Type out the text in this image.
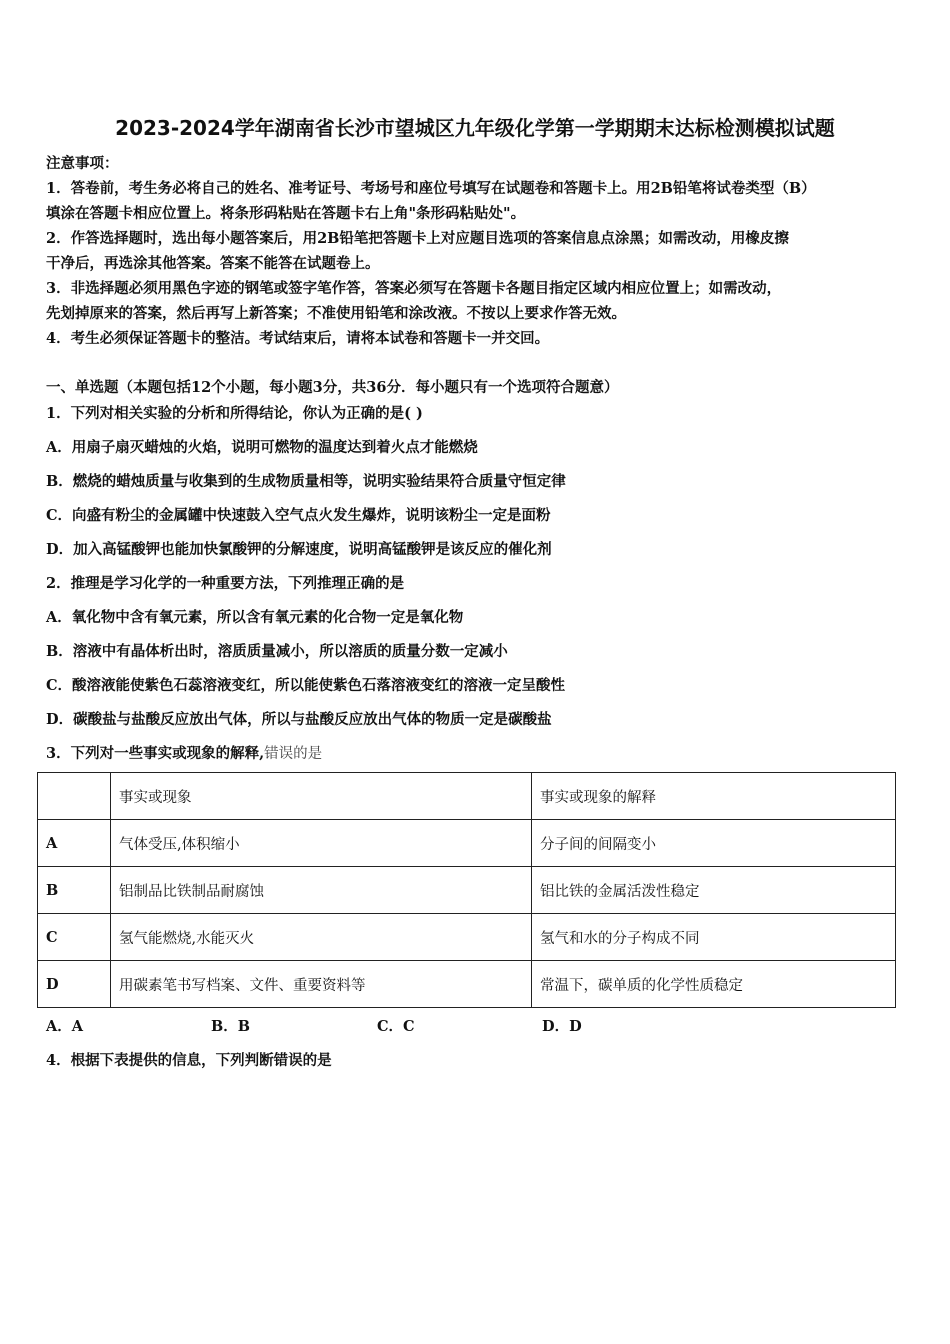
2023-2024学年湖南省长沙市望城区九年级化学第一学期期末达标检测模拟试题
注意事项：
1．答卷前，考生务必将自己的姓名、准考证号、考场号和座位号填写在试题卷和答题卡上。用2B铅笔将试卷类型（B）
填涂在答题卡相应位置上。将条形码粘贴在答题卡右上角"条形码粘贴处"。
2．作答选择题时，选出每小题答案后，用2B铅笔把答题卡上对应题目选项的答案信息点涂黑；如需改动，用橡皮擦
干净后，再选涂其他答案。答案不能答在试题卷上。
3．非选择题必须用黑色字迹的钢笔或签字笔作答，答案必须写在答题卡各题目指定区域内相应位置上；如需改动，
先划掉原来的答案，然后再写上新答案；不准使用铅笔和涂改液。不按以上要求作答无效。
4．考生必须保证答题卡的整洁。考试结束后，请将本试卷和答题卡一并交回。
一、单选题（本题包括12个小题，每小题3分，共36分．每小题只有一个选项符合题意）
1．下列对相关实验的分析和所得结论，你认为正确的是( )
A．用扇子扇灭蜡烛的火焰，说明可燃物的温度达到着火点才能燃烧
B．燃烧的蜡烛质量与收集到的生成物质量相等，说明实验结果符合质量守恒定律
C．向盛有粉尘的金属罐中快速鼓入空气点火发生爆炸，说明该粉尘一定是面粉
D．加入高锰酸钾也能加快氯酸钾的分解速度，说明高锰酸钾是该反应的催化剂
2．推理是学习化学的一种重要方法，下列推理正确的是
A．氧化物中含有氧元素，所以含有氧元素的化合物一定是氧化物
B．溶液中有晶体析出时，溶质质量减小，所以溶质的质量分数一定减小
C．酸溶液能使紫色石蕊溶液变红，所以能使紫色石落溶液变红的溶液一定呈酸性
D．碳酸盐与盐酸反应放出气体，所以与盐酸反应放出气体的物质一定是碳酸盐
3．下列对一些事实或现象的解释,错误的是
	事实或现象	事实或现象的解释
A	气体受压,体积缩小	分子间的间隔变小
B	铝制品比铁制品耐腐蚀	铝比铁的金属活泼性稳定
C	氢气能燃烧,水能灭火	氢气和水的分子构成不同
D	用碳素笔书写档案、文件、重要资料等	常温下，碳单质的化学性质稳定
A．A	B．B	C．C	D．D
4．根据下表提供的信息，下列判断错误的是
